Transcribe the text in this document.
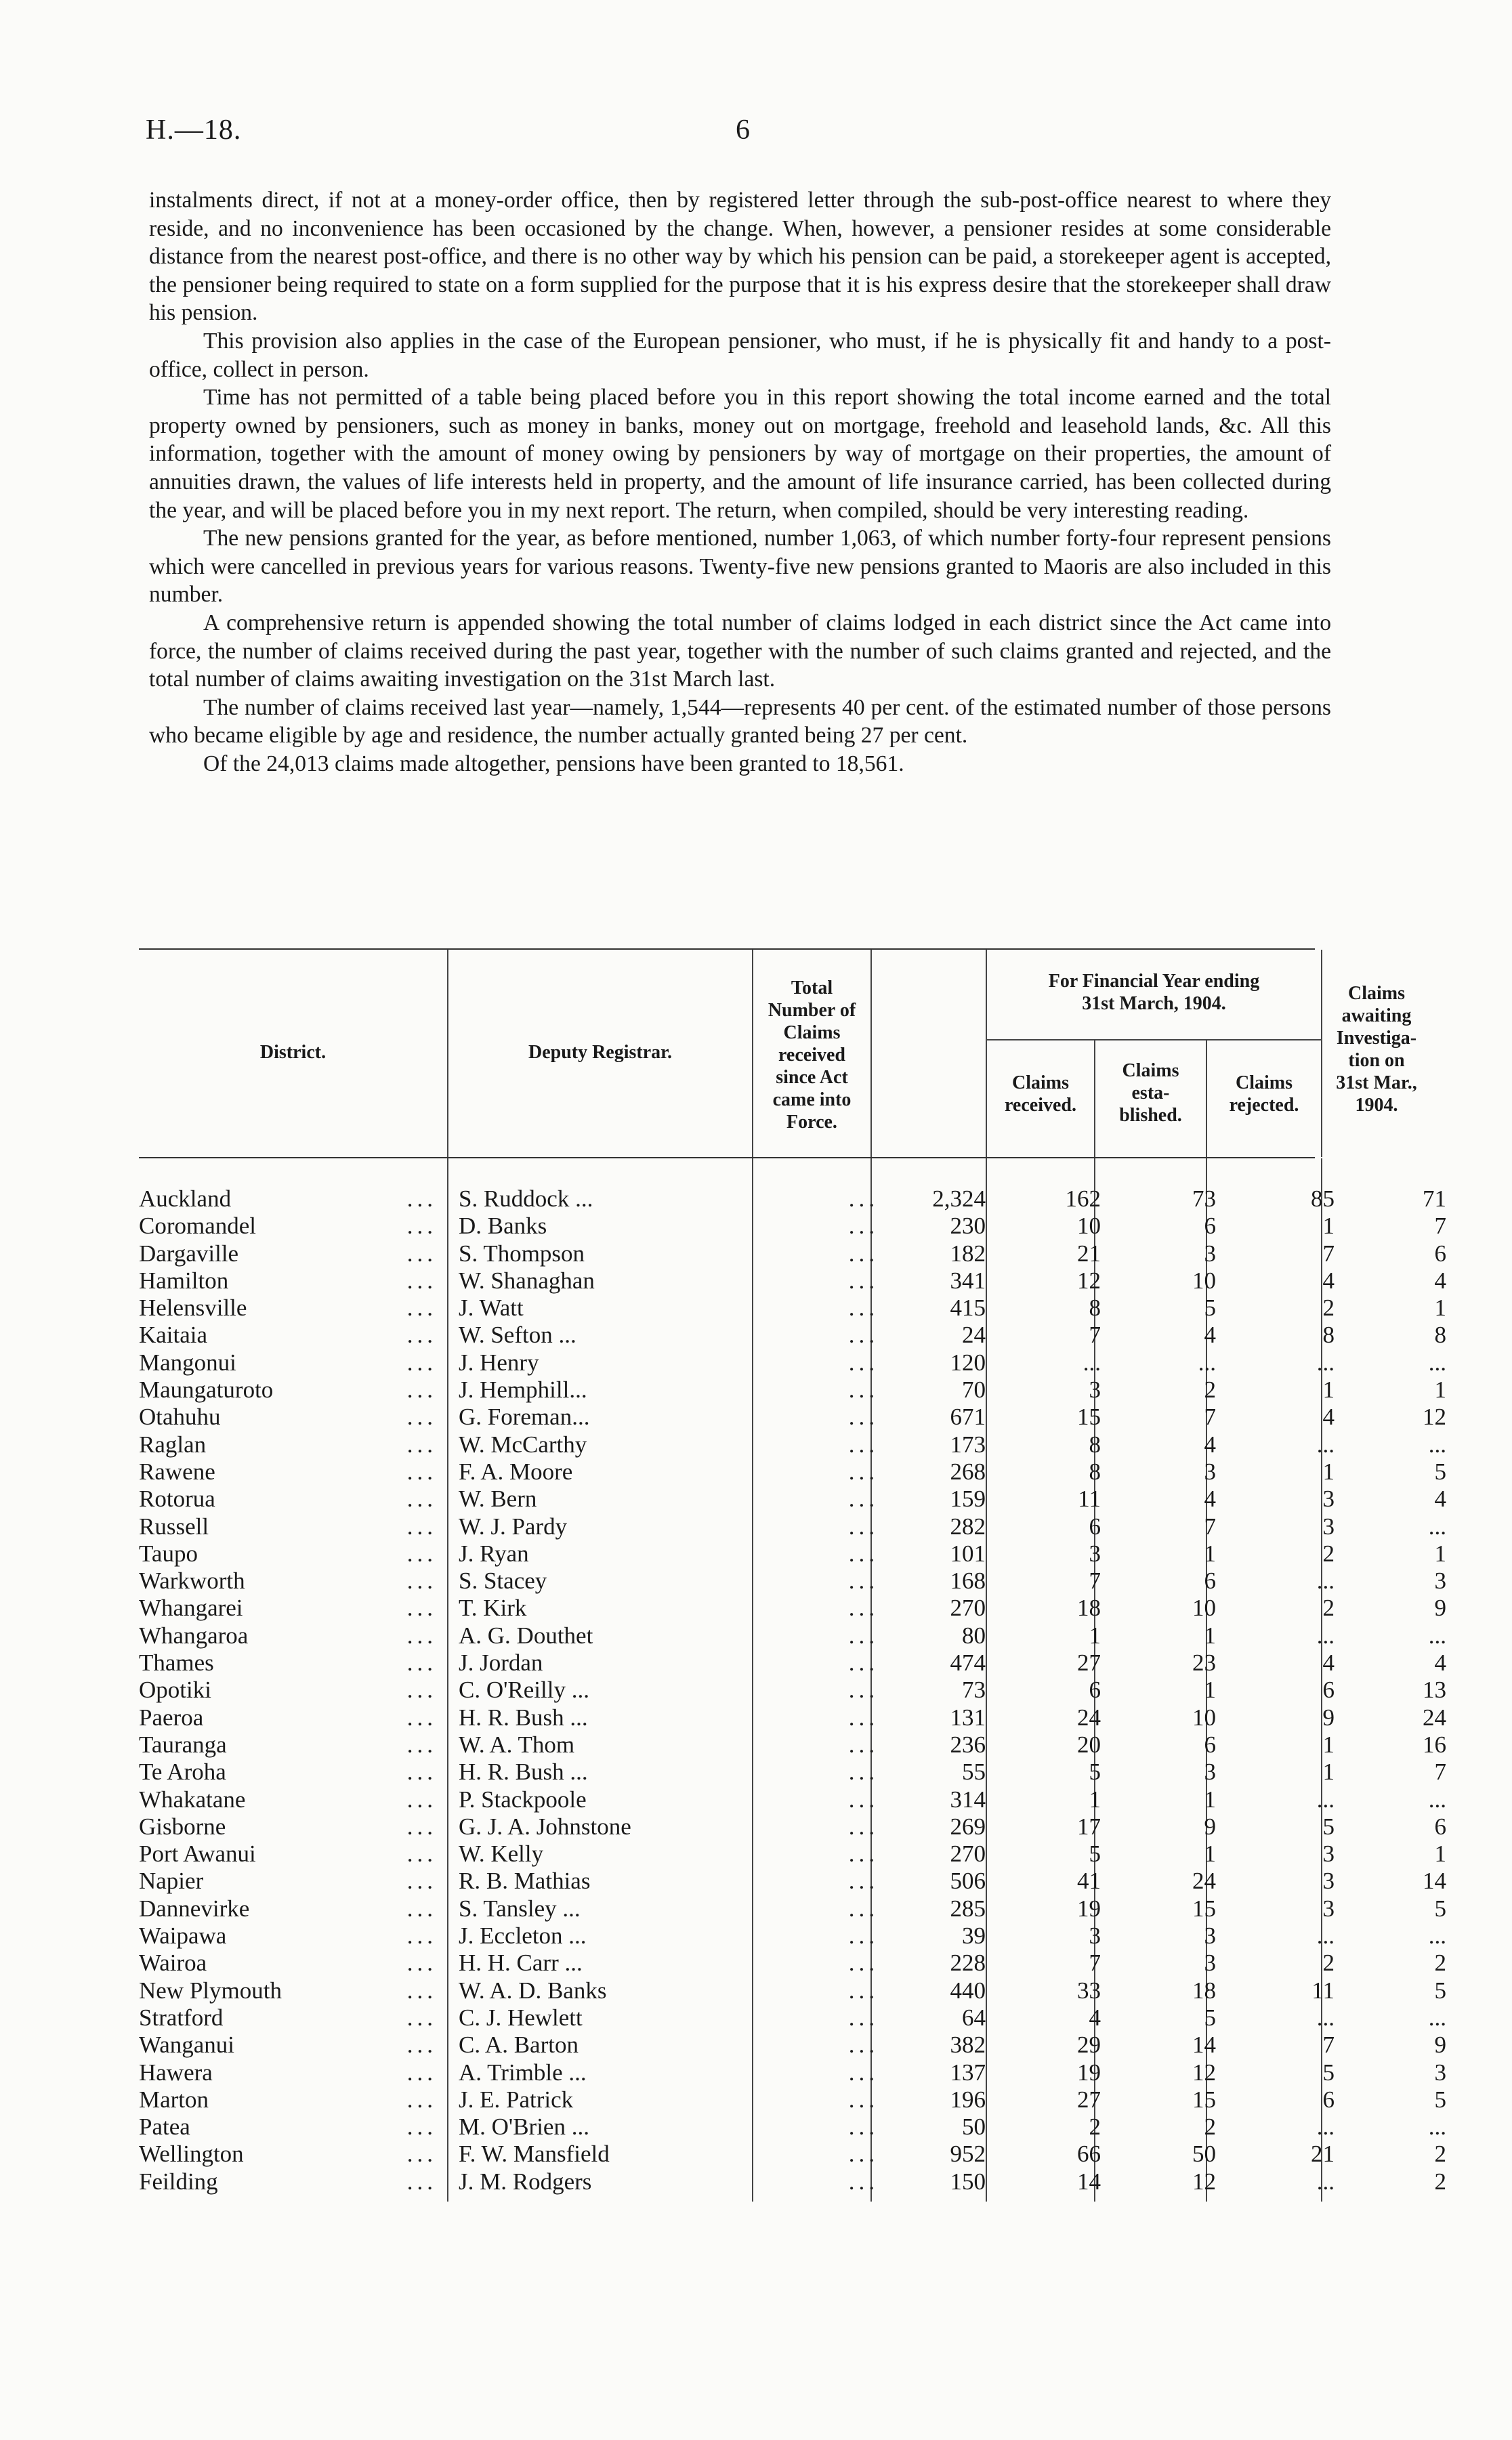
H.—18.	6

instalments direct, if not at a money-order office, then by registered letter through the sub-post-office nearest to where they reside, and no inconvenience has been occasioned by the change. When, however, a pensioner resides at some considerable distance from the nearest post-office, and there is no other way by which his pension can be paid, a storekeeper agent is accepted, the pensioner being required to state on a form supplied for the purpose that it is his express desire that the storekeeper shall draw his pension.

This provision also applies in the case of the European pensioner, who must, if he is physically fit and handy to a post-office, collect in person.

Time has not permitted of a table being placed before you in this report showing the total income earned and the total property owned by pensioners, such as money in banks, money out on mortgage, freehold and leasehold lands, &c. All this information, together with the amount of money owing by pensioners by way of mortgage on their properties, the amount of annuities drawn, the values of life interests held in property, and the amount of life insurance carried, has been collected during the year, and will be placed before you in my next report. The return, when compiled, should be very interesting reading.

The new pensions granted for the year, as before mentioned, number 1,063, of which number forty-four represent pensions which were cancelled in previous years for various reasons. Twenty-five new pensions granted to Maoris are also included in this number.

A comprehensive return is appended showing the total number of claims lodged in each district since the Act came into force, the number of claims received during the past year, together with the number of such claims granted and rejected, and the total number of claims awaiting investigation on the 31st March last.

The number of claims received last year—namely, 1,544—represents 40 per cent. of the estimated number of those persons who became eligible by age and residence, the number actually granted being 27 per cent.

Of the 24,013 claims made altogether, pensions have been granted to 18,561.

District.	Deputy Registrar.
Total
Number of
Claims
received
since Act
came into
Force.
For Financial Year ending
31st March, 1904.
Claims
received.
Claims
esta-
blished.
Claims
rejected.
Claims
awaiting
Investiga-
tion on
31st Mar.,
1904.
Auckland	... S. Ruddock ...	...	2,324	162	73	85	71
Coromandel	... D. Banks	...	230	10	6	1	7
Dargaville	... S. Thompson	...	182	21	3	7	6
Hamilton	... W. Shanaghan	...	341	12	10	4	4
Helensville	... J. Watt	...	415	8	5	2	1
Kaitaia	... W. Sefton ...	...	24	7	4	8	8
Mangonui	... J. Henry	...	120	...	...	...	...
Maungaturoto	... J. Hemphill...	...	70	3	2	1	1
Otahuhu	... G. Foreman...	...	671	15	7	4	12
Raglan	... W. McCarthy	...	173	8	4	...	...
Rawene	... F. A. Moore	...	268	8	3	1	5
Rotorua	... W. Bern	...	159	11	4	3	4
Russell	... W. J. Pardy	...	282	6	7	3	...
Taupo	... J. Ryan	...	101	3	1	2	1
Warkworth	... S. Stacey	...	168	7	6	...	3
Whangarei	... T. Kirk	...	270	18	10	2	9
Whangaroa	... A. G. Douthet	...	80	1	1	...	...
Thames	... J. Jordan	...	474	27	23	4	4
Opotiki	... C. O'Reilly ...	...	73	6	1	6	13
Paeroa	... H. R. Bush ...	...	131	24	10	9	24
Tauranga	... W. A. Thom	...	236	20	6	1	16
Te Aroha	... H. R. Bush ...	...	55	5	3	1	7
Whakatane	... P. Stackpoole	...	314	1	1	...	...
Gisborne	... G. J. A. Johnstone	...	269	17	9	5	6
Port Awanui	... W. Kelly	...	270	5	1	3	1
Napier	... R. B. Mathias	...	506	41	24	3	14
Dannevirke	... S. Tansley ...	...	285	19	15	3	5
Waipawa	... J. Eccleton ...	...	39	3	3	...	...
Wairoa	... H. H. Carr ...	...	228	7	3	2	2
New Plymouth	... W. A. D. Banks	...	440	33	18	11	5
Stratford	... C. J. Hewlett	...	64	4	5	...	...
Wanganui	... C. A. Barton	...	382	29	14	7	9
Hawera	... A. Trimble ...	...	137	19	12	5	3
Marton	... J. E. Patrick	...	196	27	15	6	5
Patea	... M. O'Brien ...	...	50	2	2	...	...
Wellington	... F. W. Mansfield	...	952	66	50	21	2
Feilding	... J. M. Rodgers	...	150	14	12	...	2
